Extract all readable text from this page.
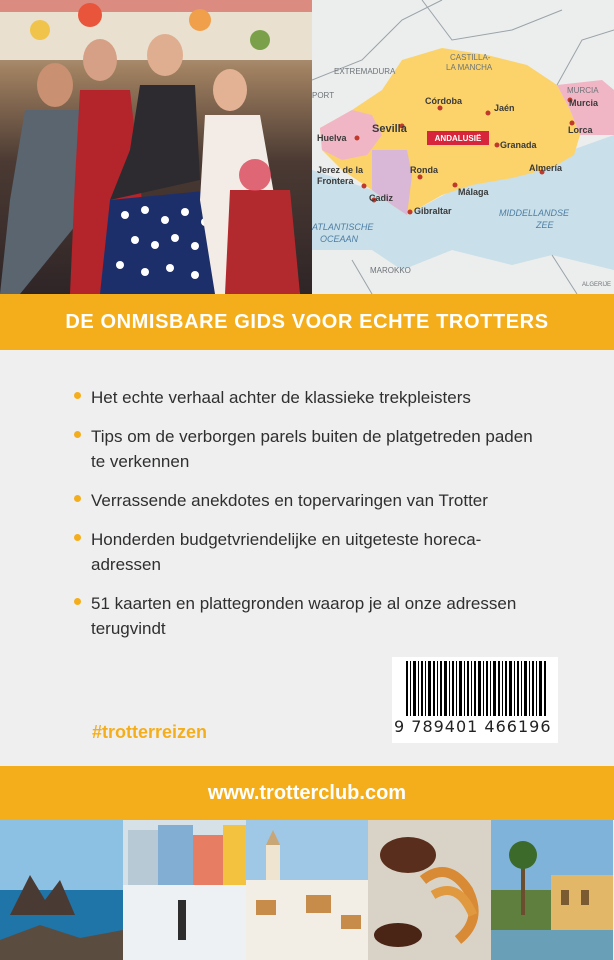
CASTILLA-
LA MANCHA
EXTREMADURA
PORT
MURCIA
MAROKKO
ALGERIJE
ANDALUSIË
Córdoba
Jaén
Sevilla
Huelva
Granada
Murcia
Lorca
Jerez de la
Frontera
Ronda
Málaga
Almería
Cadiz
Gibraltar
ATLANTISCHE
OCEAAN
MIDDELLANDSE
ZEE
DE ONMISBARE GIDS VOOR ECHTE TROTTERS
Het echte verhaal achter de klassieke trekpleisters
Tips om de verborgen parels buiten de platgetreden paden te verkennen
Verrassende anekdotes en topervaringen van Trotter
Honderden budgetvriendelijke en uitgeteste horeca-adressen
51 kaarten en plattegronden waarop je al onze adressen terugvindt
#trotterreizen	9 789401 466196
www.trotterclub.com
